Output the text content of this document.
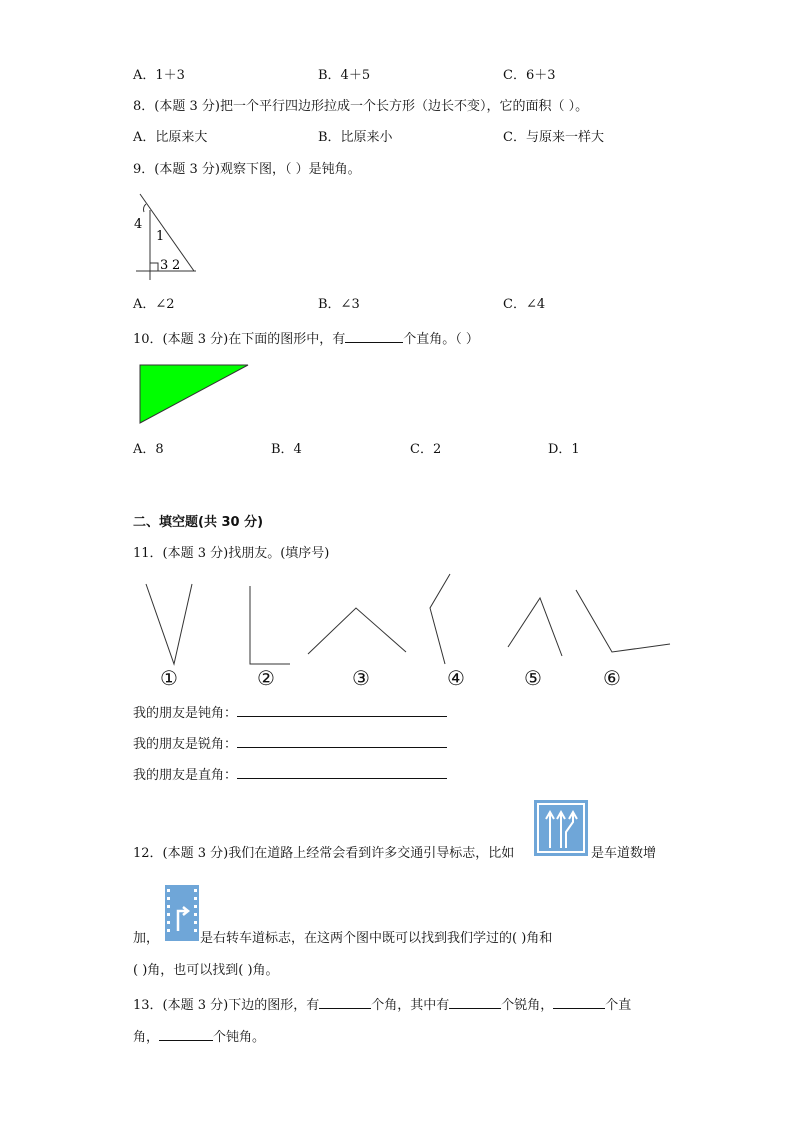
A．1＋3	B．4＋5	C．6＋3
8．(本题 3 分)把一个平行四边形拉成一个长方形（边长不变），它的面积（ ）。
A．比原来大	B．比原来小	C．与原来一样大
9．(本题 3 分)观察下图，（ ）是钝角。
4
1
3 2
A．∠2	B．∠3	C．∠4
10．(本题 3 分)在下面的图形中，有	个直角。（ ）
A．8	B．4	C．2	D．1
二、填空题(共 30 分)
11．(本题 3 分)找朋友。(填序号)
①	②	③	④	⑤	⑥
我的朋友是钝角：
我的朋友是锐角：
我的朋友是直角：
12．(本题 3 分)我们在道路上经常会看到许多交通引导标志，比如	是车道数增
加，	是右转车道标志，在这两个图中既可以找到我们学过的( )角和
( )角，也可以找到( )角。
13．(本题 3 分)下边的图形，有	个角，其中有	个锐角，	个直
角，	个钝角。
